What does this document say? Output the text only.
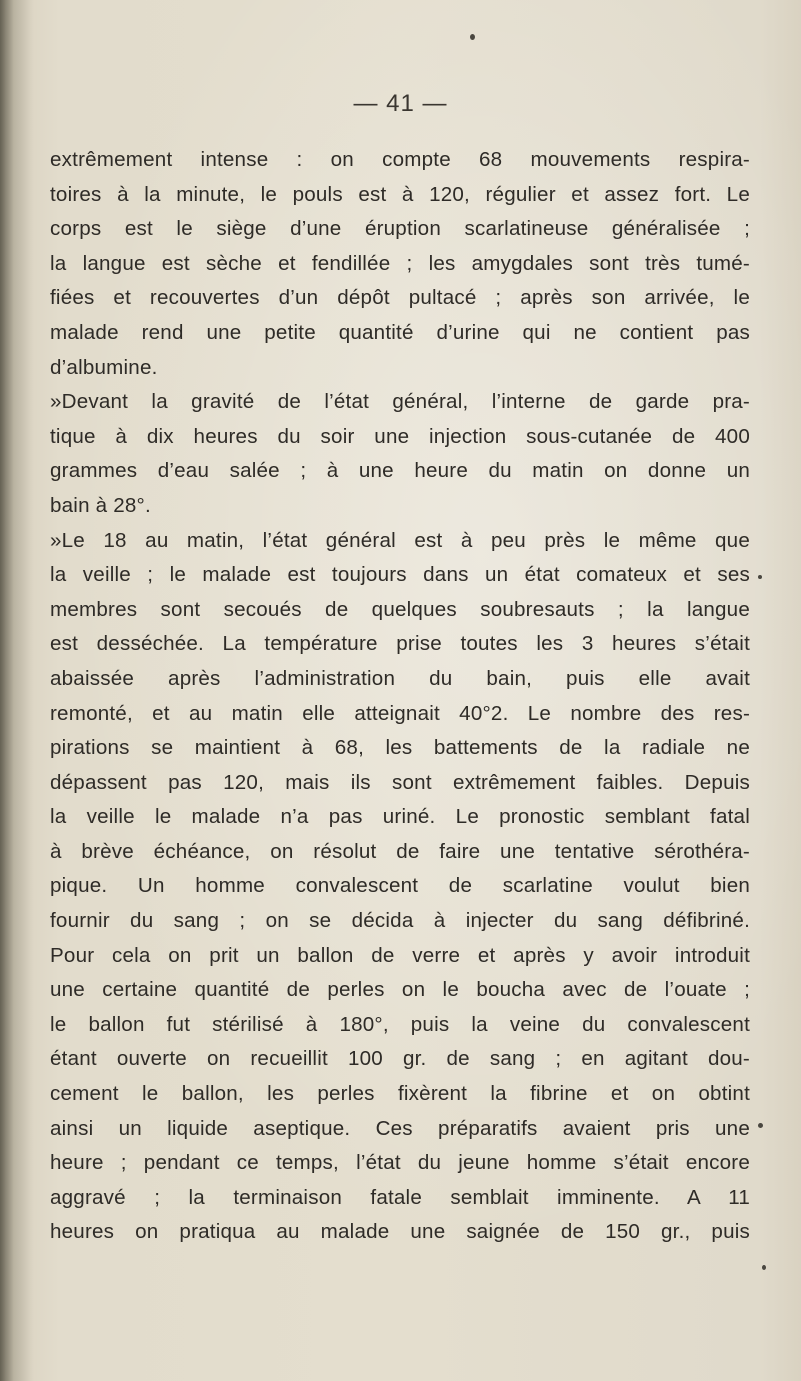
— 41 —
extrêmement intense : on compte 68 mouvements respira-
toires à la minute, le pouls est à 120, régulier et assez fort. Le
corps est le siège d’une éruption scarlatineuse généralisée ;
la langue est sèche et fendillée ; les amygdales sont très tumé-
fiées et recouvertes d’un dépôt pultacé ; après son arrivée, le
malade rend une petite quantité d’urine qui ne contient pas
d’albumine.
»Devant la gravité de l’état général, l’interne de garde pra-
tique à dix heures du soir une injection sous-cutanée de 400
grammes d’eau salée ; à une heure du matin on donne un
bain à 28°.
»Le 18 au matin, l’état général est à peu près le même que
la veille ; le malade est toujours dans un état comateux et ses
membres sont secoués de quelques soubresauts ; la langue
est desséchée. La température prise toutes les 3 heures s’était
abaissée après l’administration du bain, puis elle avait
remonté, et au matin elle atteignait 40°2. Le nombre des res-
pirations se maintient à 68, les battements de la radiale ne
dépassent pas 120, mais ils sont extrêmement faibles. Depuis
la veille le malade n’a pas uriné. Le pronostic semblant fatal
à brève échéance, on résolut de faire une tentative sérothéra-
pique. Un homme convalescent de scarlatine voulut bien
fournir du sang ; on se décida à injecter du sang défibriné.
Pour cela on prit un ballon de verre et après y avoir introduit
une certaine quantité de perles on le boucha avec de l’ouate ;
le ballon fut stérilisé à 180°, puis la veine du convalescent
étant ouverte on recueillit 100 gr. de sang ; en agitant dou-
cement le ballon, les perles fixèrent la fibrine et on obtint
ainsi un liquide aseptique. Ces préparatifs avaient pris une
heure ; pendant ce temps, l’état du jeune homme s’était encore
aggravé ; la terminaison fatale semblait imminente. A 11
heures on pratiqua au malade une saignée de 150 gr., puis
